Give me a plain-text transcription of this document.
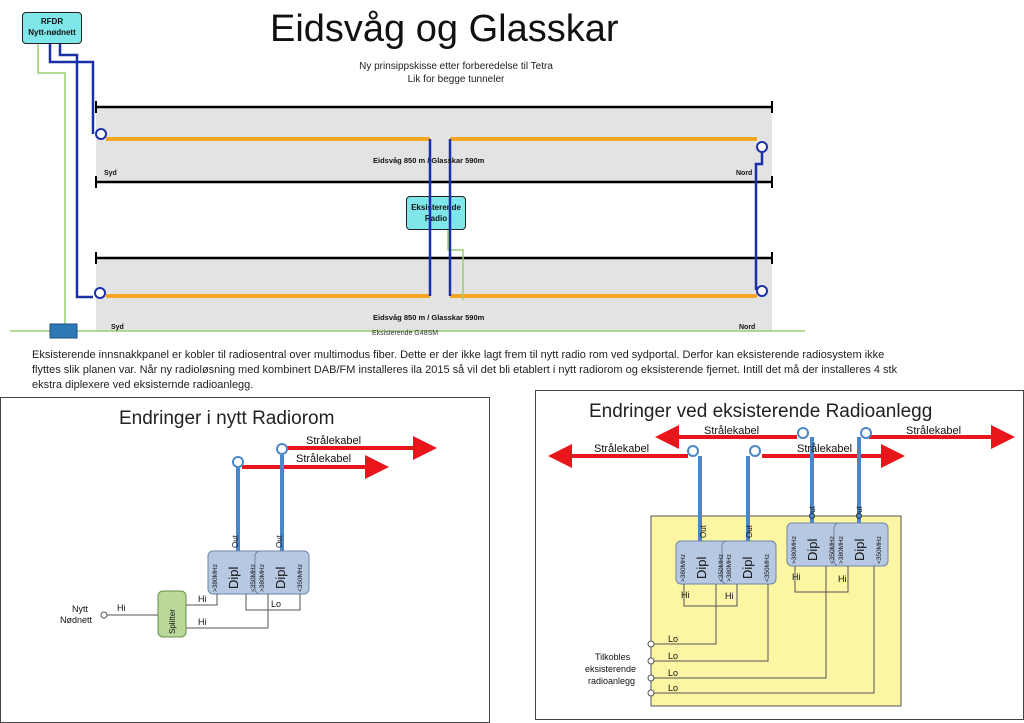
Eidsvåg og Glasskar
Ny prinsippskisse etter forberedelse til Tetra
Lik for begge tunneler
RFDR
Nytt-nødnett
Eksisterende
Radio
Eksisterende innsnakkpanel er kobler til radiosentral over multimodus fiber. Dette er der ikke lagt frem til nytt radio rom ved sydportal. Derfor kan eksisterende radiosystem ikke flyttes slik planen var. Når ny radioløsning med kombinert DAB/FM installeres ila 2015 så vil det bli etablert i nytt radiorom og eksisterende fjernet. Intill det må der installeres 4 stk ekstra diplexere ved eksisternde radioanlegg.
Endringer i nytt Radiorom	Endringer ved eksisterende Radioanlegg
Strålekabel
Strålekabel
Out	Out
>380MHz Dipl <350MHz >380MHz Dipl <350MHz
Splitter
Nytt
Nødnett
Hi
Hi
Hi
Lo
Strålekabel	Strålekabel
Strålekabel	Strålekabel
Out	Out
Out	Out
>380MHz Dipl <350MHz >380MHz Dipl <350MHz
>380MHz Dipl <350MHz >380MHz Dipl <350MHz
Hi	Hi
Hi	Hi
Lo
Lo
Lo
Lo
Tilkobles
eksisterende
radioanlegg
Eidsvåg 850 m / Glasskar 590m
Eidsvåg 850 m / Glasskar 590m
Syd	Nord
Syd	Nord
Eksisterende G48SM
